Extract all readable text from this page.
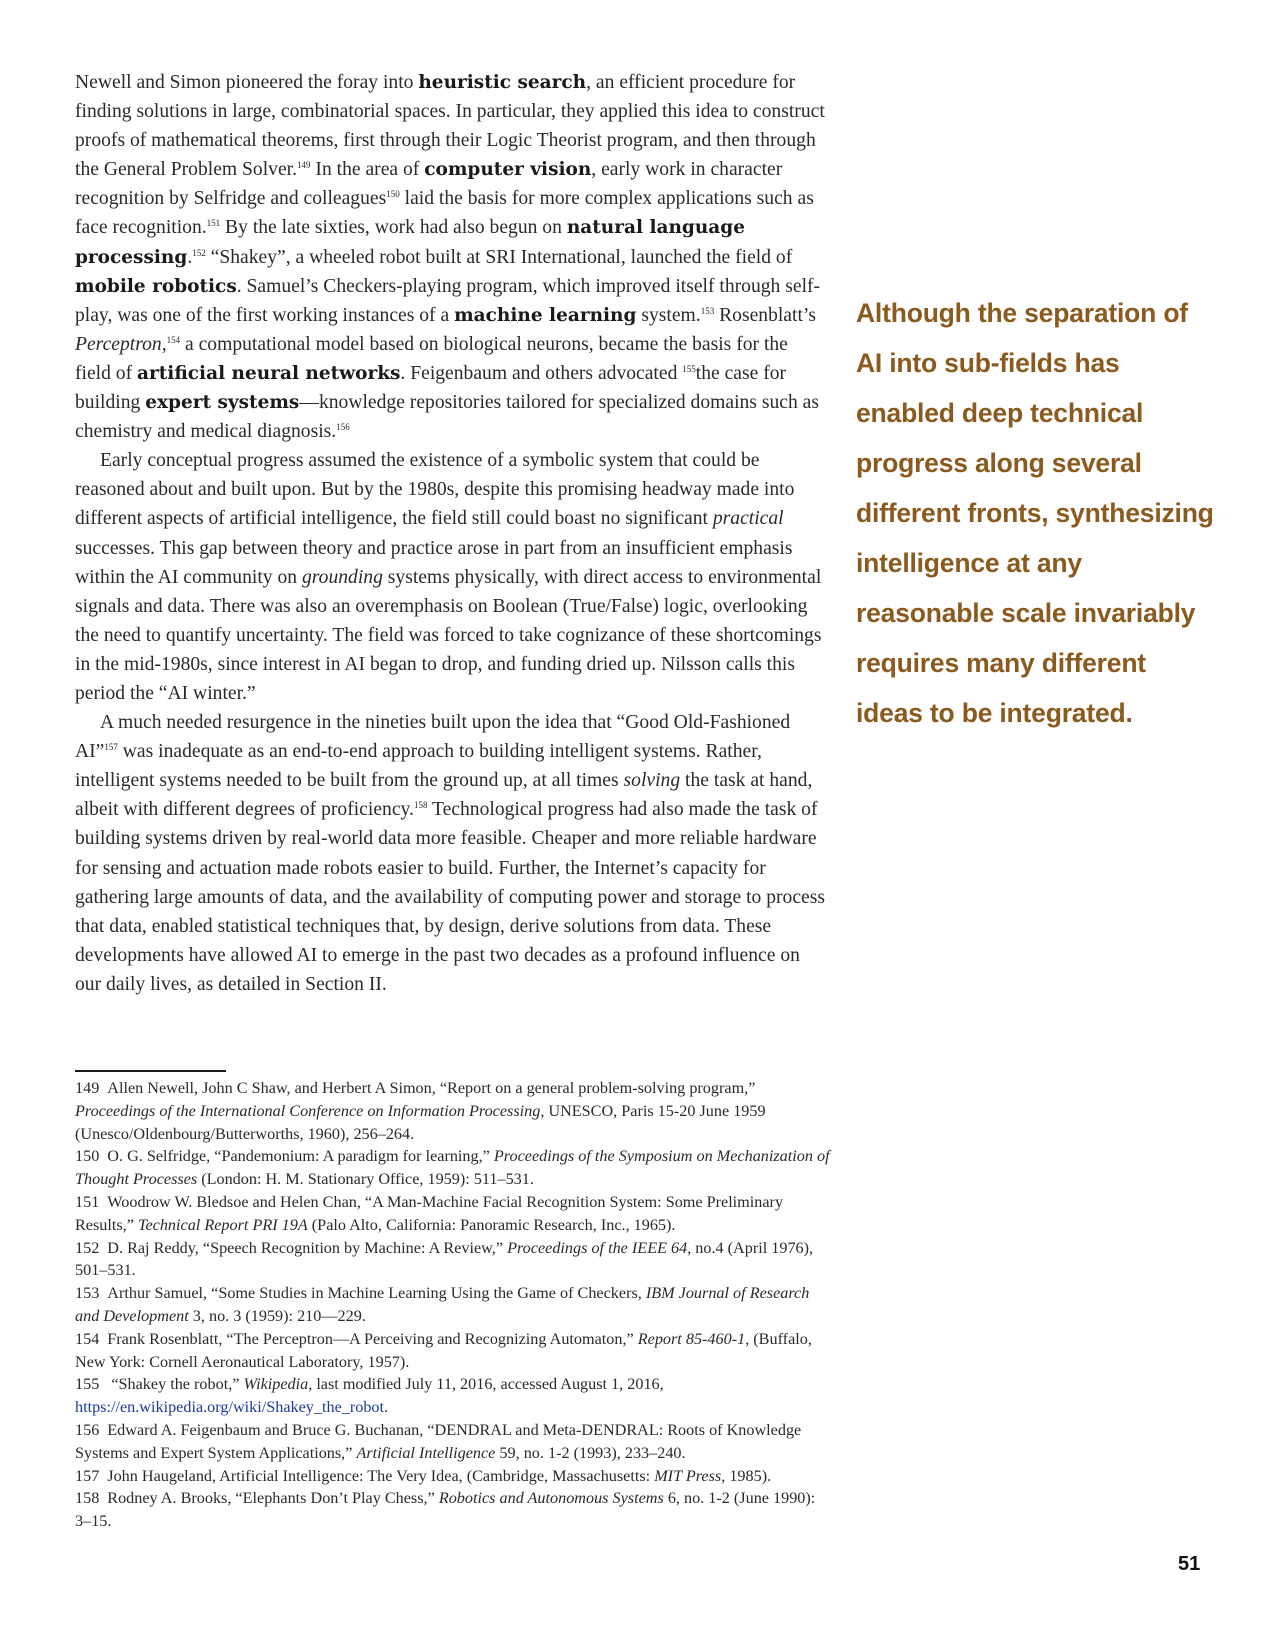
Newell and Simon pioneered the foray into heuristic search, an efficient procedure for finding solutions in large, combinatorial spaces. In particular, they applied this idea to construct proofs of mathematical theorems, first through their Logic Theorist program, and then through the General Problem Solver.$^{149}$ In the area of computer vision, early work in character recognition by Selfridge and colleagues$^{150}$ laid the basis for more complex applications such as face recognition.$^{151}$ By the late sixties, work had also begun on natural language processing.$^{152}$ “Shakey”, a wheeled robot built at SRI International, launched the field of mobile robotics. Samuel’s Checkers-playing program, which improved itself through self-play, was one of the first working instances of a machine learning system.$^{153}$ Rosenblatt’s Perceptron,$^{154}$ a computational model based on biological neurons, became the basis for the field of artificial neural networks. Feigenbaum and others advocated $^{155}$the case for building expert systems—knowledge repositories tailored for specialized domains such as chemistry and medical diagnosis.$^{156}$

Early conceptual progress assumed the existence of a symbolic system that could be reasoned about and built upon. But by the 1980s, despite this promising headway made into different aspects of artificial intelligence, the field still could boast no significant practical successes. This gap between theory and practice arose in part from an insufficient emphasis within the AI community on grounding systems physically, with direct access to environmental signals and data. There was also an overemphasis on Boolean (True/False) logic, overlooking the need to quantify uncertainty. The field was forced to take cognizance of these shortcomings in the mid-1980s, since interest in AI began to drop, and funding dried up. Nilsson calls this period the “AI winter.”

A much needed resurgence in the nineties built upon the idea that “Good Old-Fashioned AI”$^{157}$ was inadequate as an end-to-end approach to building intelligent systems. Rather, intelligent systems needed to be built from the ground up, at all times solving the task at hand, albeit with different degrees of proficiency.$^{158}$ Technological progress had also made the task of building systems driven by real-world data more feasible. Cheaper and more reliable hardware for sensing and actuation made robots easier to build. Further, the Internet’s capacity for gathering large amounts of data, and the availability of computing power and storage to process that data, enabled statistical techniques that, by design, derive solutions from data. These developments have allowed AI to emerge in the past two decades as a profound influence on our daily lives, as detailed in Section II.

Although the separation of AI into sub-fields has enabled deep technical progress along several different fronts, synthesizing intelligence at any reasonable scale invariably requires many different ideas to be integrated.

149 Allen Newell, John C Shaw, and Herbert A Simon, “Report on a general problem-solving program,” Proceedings of the International Conference on Information Processing, UNESCO, Paris 15-20 June 1959 (Unesco/Oldenbourg/Butterworths, 1960), 256–264.

150 O. G. Selfridge, “Pandemonium: A paradigm for learning,” Proceedings of the Symposium on Mechanization of Thought Processes (London: H. M. Stationary Office, 1959): 511–531.

151 Woodrow W. Bledsoe and Helen Chan, “A Man-Machine Facial Recognition System: Some Preliminary Results,” Technical Report PRI 19A (Palo Alto, California: Panoramic Research, Inc., 1965).

152 D. Raj Reddy, “Speech Recognition by Machine: A Review,” Proceedings of the IEEE 64, no.4 (April 1976), 501–531.

153 Arthur Samuel, “Some Studies in Machine Learning Using the Game of Checkers, IBM Journal of Research and Development 3, no. 3 (1959): 210—229.

154 Frank Rosenblatt, “The Perceptron—A Perceiving and Recognizing Automaton,” Report 85-460-1, (Buffalo, New York: Cornell Aeronautical Laboratory, 1957).

155 “Shakey the robot,” Wikipedia, last modified July 11, 2016, accessed August 1, 2016, https://en.wikipedia.org/wiki/Shakey_the_robot.

156 Edward A. Feigenbaum and Bruce G. Buchanan, “DENDRAL and Meta-DENDRAL: Roots of Knowledge Systems and Expert System Applications,” Artificial Intelligence 59, no. 1-2 (1993), 233–240.

157 John Haugeland, Artificial Intelligence: The Very Idea, (Cambridge, Massachusetts: MIT Press, 1985).

158 Rodney A. Brooks, “Elephants Don’t Play Chess,” Robotics and Autonomous Systems 6, no. 1-2 (June 1990): 3–15.

51
